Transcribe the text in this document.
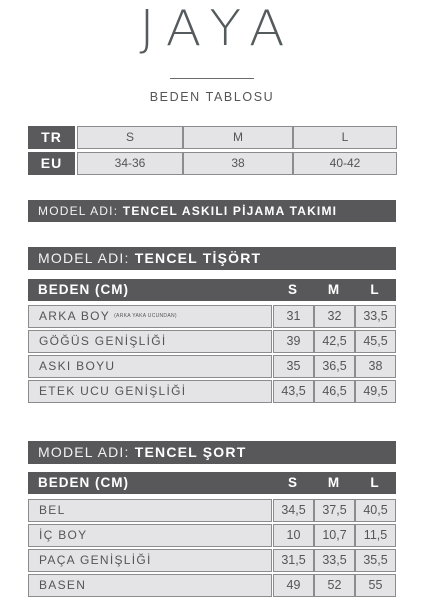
JAYA
BEDEN TABLOSU
TR	S	M	L
EU	34-36	38	40-42
MODEL ADI: TENCEL ASKILI PİJAMA TAKIMI
MODEL ADI: TENCEL TİŞÖRT
BEDEN (CM)	S	M	L
ARKA BOY (ARKA YAKA UCUNDAN)	31	32	33,5
GÖĞÜS GENİŞLİĞİ	39	42,5	45,5
ASKI BOYU	35	36,5	38
ETEK UCU GENİŞLİĞİ	43,5	46,5	49,5
MODEL ADI: TENCEL ŞORT
BEDEN (CM)	S	M	L
BEL	34,5	37,5	40,5
İÇ BOY	10	10,7	11,5
PAÇA GENİŞLİĞİ	31,5	33,5	35,5
BASEN	49	52	55
